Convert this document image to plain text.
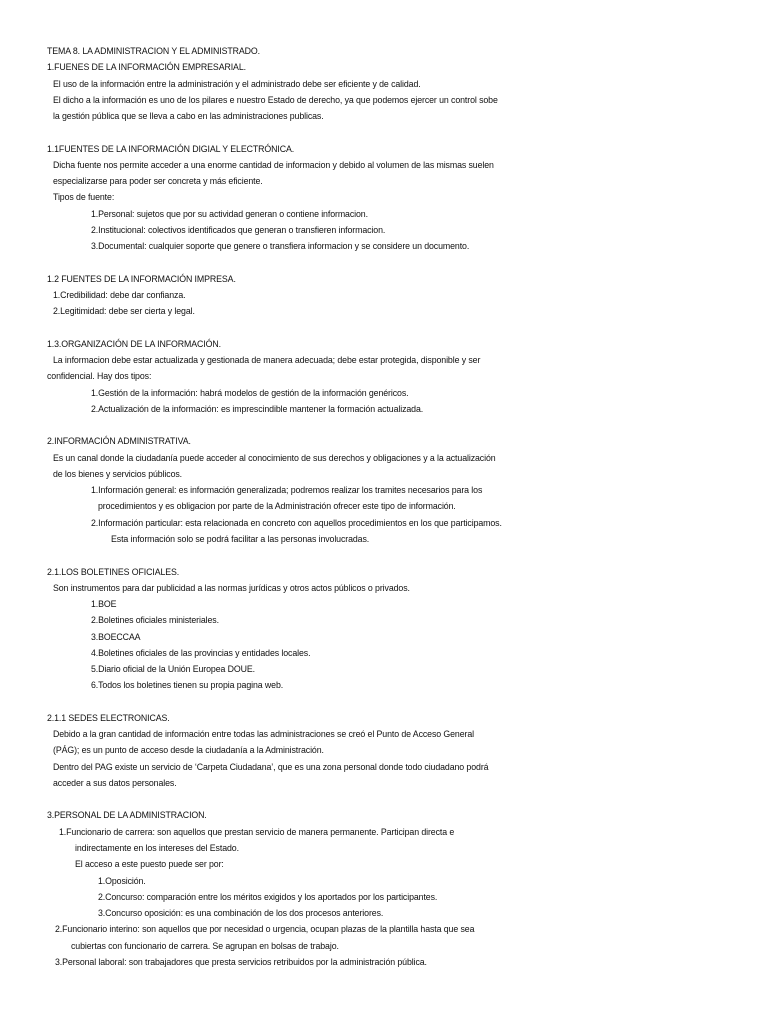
TEMA 8. LA ADMINISTRACION Y EL ADMINISTRADO.
1.FUENES DE LA INFORMACIÓN EMPRESARIAL.
El uso de la información entre la administración y el administrado debe ser eficiente y de calidad.
El dicho a la información es uno de los pilares e nuestro Estado de derecho, ya que podemos ejercer un control sobe
la gestión pública que se lleva a cabo en las administraciones publicas.
1.1FUENTES DE LA INFORMACIÓN DIGIAL Y ELECTRÓNICA.
Dicha fuente nos permite acceder a una enorme cantidad de informacion y debido al volumen de las mismas suelen
especializarse para poder ser concreta y más eficiente.
Tipos de fuente:
1.Personal: sujetos que por su actividad generan o contiene informacion.
2.Institucional: colectivos identificados que generan o transfieren informacion.
3.Documental: cualquier soporte que genere o transfiera informacion y se considere un documento.
1.2 FUENTES DE LA INFORMACIÓN IMPRESA.
1.Credibilidad: debe dar confianza.
2.Legitimidad: debe ser cierta y legal.
1.3.ORGANIZACIÓN DE LA INFORMACIÓN.
La informacion debe estar actualizada y gestionada de manera adecuada; debe estar protegida, disponible y ser
confidencial. Hay dos tipos:
1.Gestión de la información: habrá modelos de gestión de la información genéricos.
2.Actualización de la información: es imprescindible mantener la formación actualizada.
2.INFORMACIÓN ADMINISTRATIVA.
Es un canal donde la ciudadanía puede acceder al conocimiento de sus derechos y obligaciones y a la actualización
de los bienes y servicios públicos.
1.Información general: es información generalizada; podremos realizar los tramites necesarios para los
procedimientos y es obligacion por parte de la Administración ofrecer este tipo de información.
2.Información particular: esta relacionada en concreto con aquellos procedimientos en los que participamos.
Esta información solo se podrá facilitar a las personas involucradas.
2.1.LOS BOLETINES OFICIALES.
Son instrumentos para dar publicidad a las normas jurídicas y otros actos públicos o privados.
1.BOE
2.Boletines oficiales ministeriales.
3.BOECCAA
4.Boletines oficiales de las provincias y entidades locales.
5.Diario oficial de la Unión Europea DOUE.
6.Todos los boletines tienen su propia pagina web.
2.1.1 SEDES ELECTRONICAS.
Debido a la gran cantidad de información entre todas las administraciones se creó el Punto de Acceso General
(PÁG); es un punto de acceso desde la ciudadanía a la Administración.
Dentro del PAG existe un servicio de ‘Carpeta Ciudadana’, que es una zona personal donde todo ciudadano podrá
acceder a sus datos personales.
3.PERSONAL DE LA ADMINISTRACION.
1.Funcionario de carrera: son aquellos que prestan servicio de manera permanente. Participan directa e
indirectamente en los intereses del Estado.
El acceso a este puesto puede ser por:
1.Oposición.
2.Concurso: comparación entre los méritos exigidos y los aportados por los participantes.
3.Concurso oposición: es una combinación de los dos procesos anteriores.
2.Funcionario interino: son aquellos que por necesidad o urgencia, ocupan plazas de la plantilla hasta que sea
cubiertas con funcionario de carrera. Se agrupan en bolsas de trabajo.
3.Personal laboral: son trabajadores que presta servicios retribuidos por la administración pública.
